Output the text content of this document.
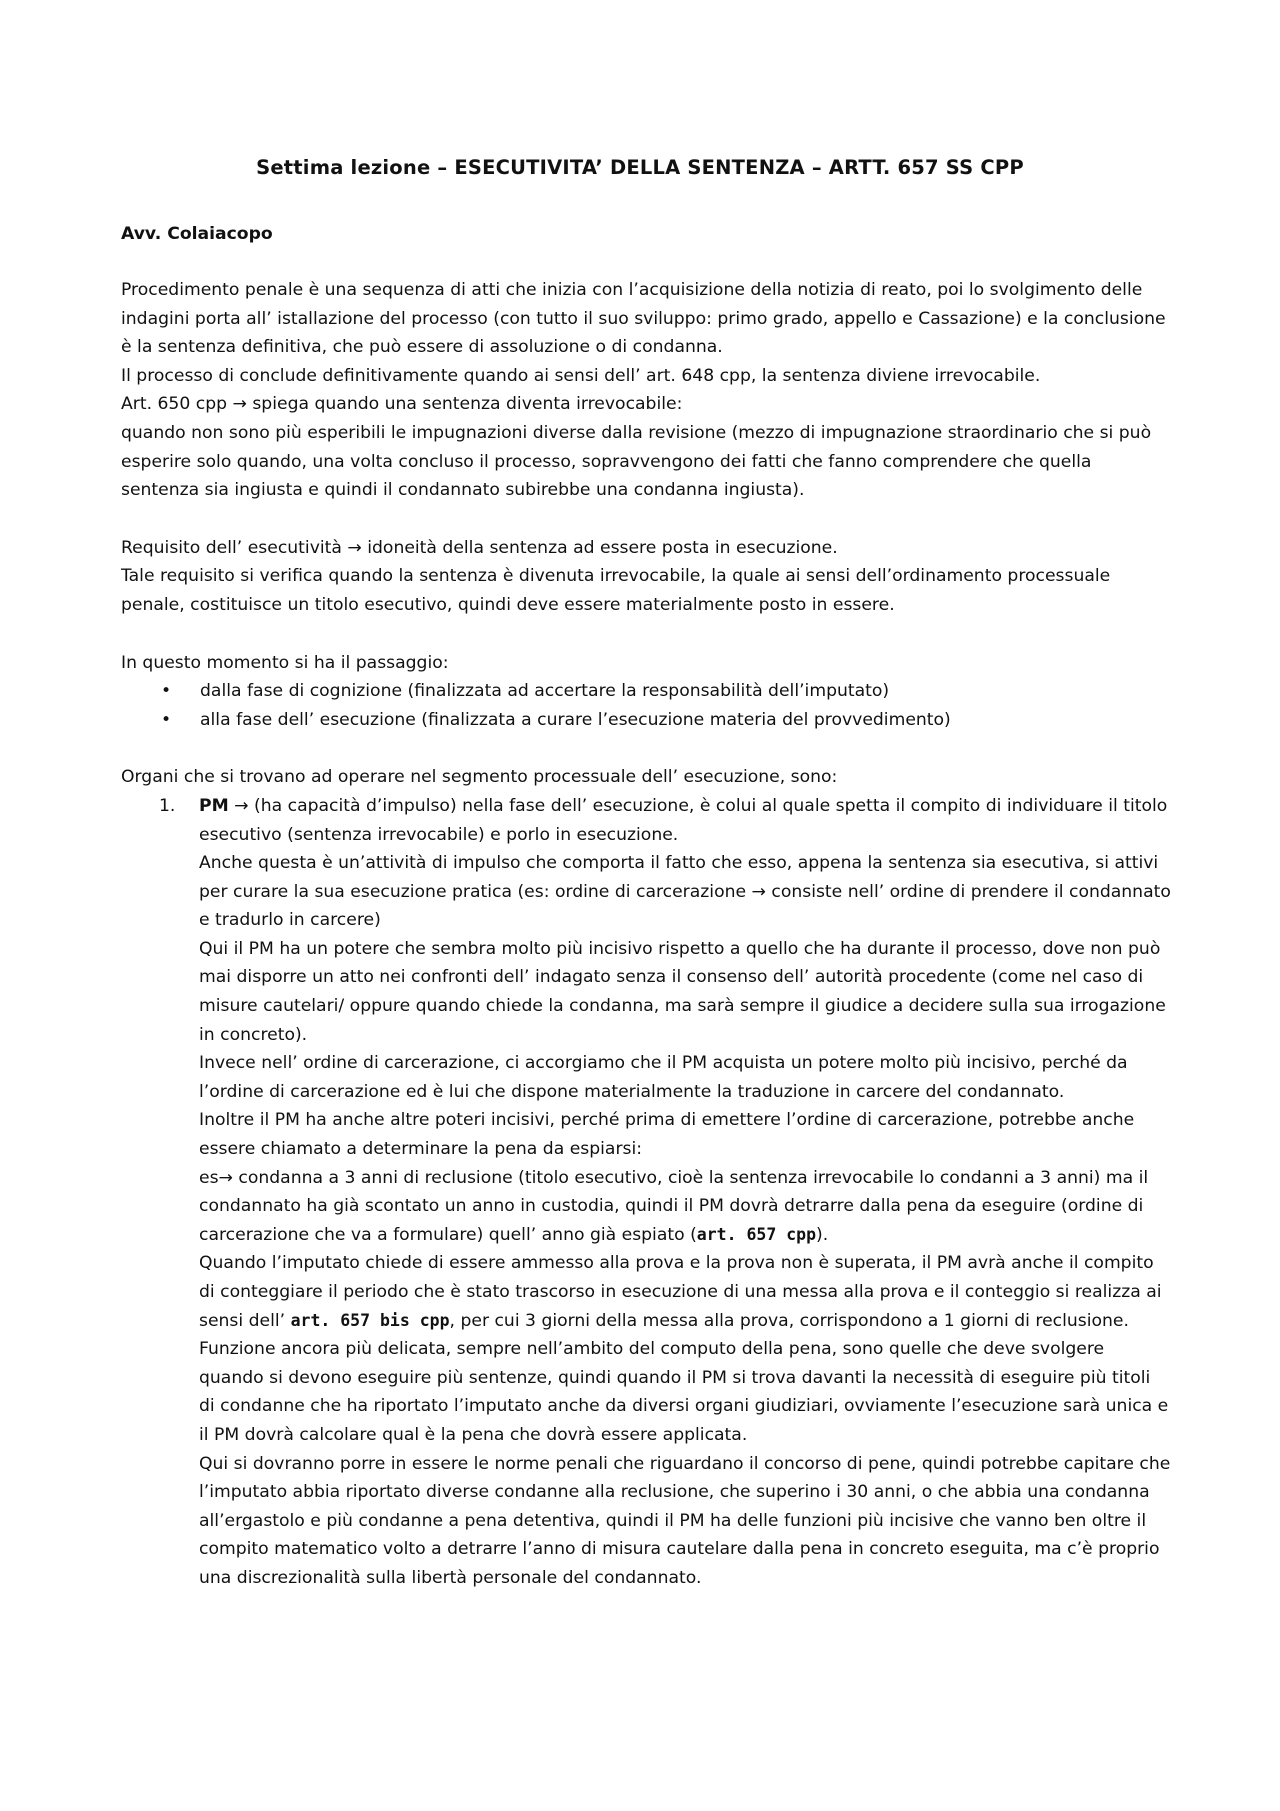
Settima lezione – ESECUTIVITA’ DELLA SENTENZA – ARTT. 657 SS CPP
Avv. Colaiacopo

Procedimento penale è una sequenza di atti che inizia con l’acquisizione della notizia di reato, poi lo svolgimento delle indagini porta all’ istallazione del processo (con tutto il suo sviluppo: primo grado, appello e Cassazione) e la conclusione è la sentenza definitiva, che può essere di assoluzione o di condanna.

Il processo di conclude definitivamente quando ai sensi dell’ art. 648 cpp, la sentenza diviene irrevocabile.

Art. 650 cpp → spiega quando una sentenza diventa irrevocabile:

quando non sono più esperibili le impugnazioni diverse dalla revisione (mezzo di impugnazione straordinario che si può esperire solo quando, una volta concluso il processo, sopravvengono dei fatti che fanno comprendere che quella sentenza sia ingiusta e quindi il condannato subirebbe una condanna ingiusta).

Requisito dell’ esecutività → idoneità della sentenza ad essere posta in esecuzione.

Tale requisito si verifica quando la sentenza è divenuta irrevocabile, la quale ai sensi dell’ordinamento processuale penale, costituisce un titolo esecutivo, quindi deve essere materialmente posto in essere.

In questo momento si ha il passaggio:

• dalla fase di cognizione (finalizzata ad accertare la responsabilità dell’imputato)
• alla fase dell’ esecuzione (finalizzata a curare l’esecuzione materia del provvedimento)

Organi che si trovano ad operare nel segmento processuale dell’ esecuzione, sono:

1. PM → (ha capacità d’impulso) nella fase dell’ esecuzione, è colui al quale spetta il compito di individuare il titolo esecutivo (sentenza irrevocabile) e porlo in esecuzione.

Anche questa è un’attività di impulso che comporta il fatto che esso, appena la sentenza sia esecutiva, si attivi per curare la sua esecuzione pratica (es: ordine di carcerazione → consiste nell’ ordine di prendere il condannato e tradurlo in carcere)

Qui il PM ha un potere che sembra molto più incisivo rispetto a quello che ha durante il processo, dove non può mai disporre un atto nei confronti dell’ indagato senza il consenso dell’ autorità procedente (come nel caso di misure cautelari/ oppure quando chiede la condanna, ma sarà sempre il giudice a decidere sulla sua irrogazione in concreto).

Invece nell’ ordine di carcerazione, ci accorgiamo che il PM acquista un potere molto più incisivo, perché da l’ordine di carcerazione ed è lui che dispone materialmente la traduzione in carcere del condannato.

Inoltre il PM ha anche altre poteri incisivi, perché prima di emettere l’ordine di carcerazione, potrebbe anche essere chiamato a determinare la pena da espiarsi:

es→ condanna a 3 anni di reclusione (titolo esecutivo, cioè la sentenza irrevocabile lo condanni a 3 anni) ma il condannato ha già scontato un anno in custodia, quindi il PM dovrà detrarre dalla pena da eseguire (ordine di carcerazione che va a formulare) quell’ anno già espiato (art. 657 cpp).

Quando l’imputato chiede di essere ammesso alla prova e la prova non è superata, il PM avrà anche il compito di conteggiare il periodo che è stato trascorso in esecuzione di una messa alla prova e il conteggio si realizza ai sensi dell’ art. 657 bis cpp, per cui 3 giorni della messa alla prova, corrispondono a 1 giorni di reclusione.

Funzione ancora più delicata, sempre nell’ambito del computo della pena, sono quelle che deve svolgere quando si devono eseguire più sentenze, quindi quando il PM si trova davanti la necessità di eseguire più titoli di condanne che ha riportato l’imputato anche da diversi organi giudiziari, ovviamente l’esecuzione sarà unica e il PM dovrà calcolare qual è la pena che dovrà essere applicata.

Qui si dovranno porre in essere le norme penali che riguardano il concorso di pene, quindi potrebbe capitare che l’imputato abbia riportato diverse condanne alla reclusione, che superino i 30 anni, o che abbia una condanna all’ergastolo e più condanne a pena detentiva, quindi il PM ha delle funzioni più incisive che vanno ben oltre il compito matematico volto a detrarre l’anno di misura cautelare dalla pena in concreto eseguita, ma c’è proprio una discrezionalità sulla libertà personale del condannato.
